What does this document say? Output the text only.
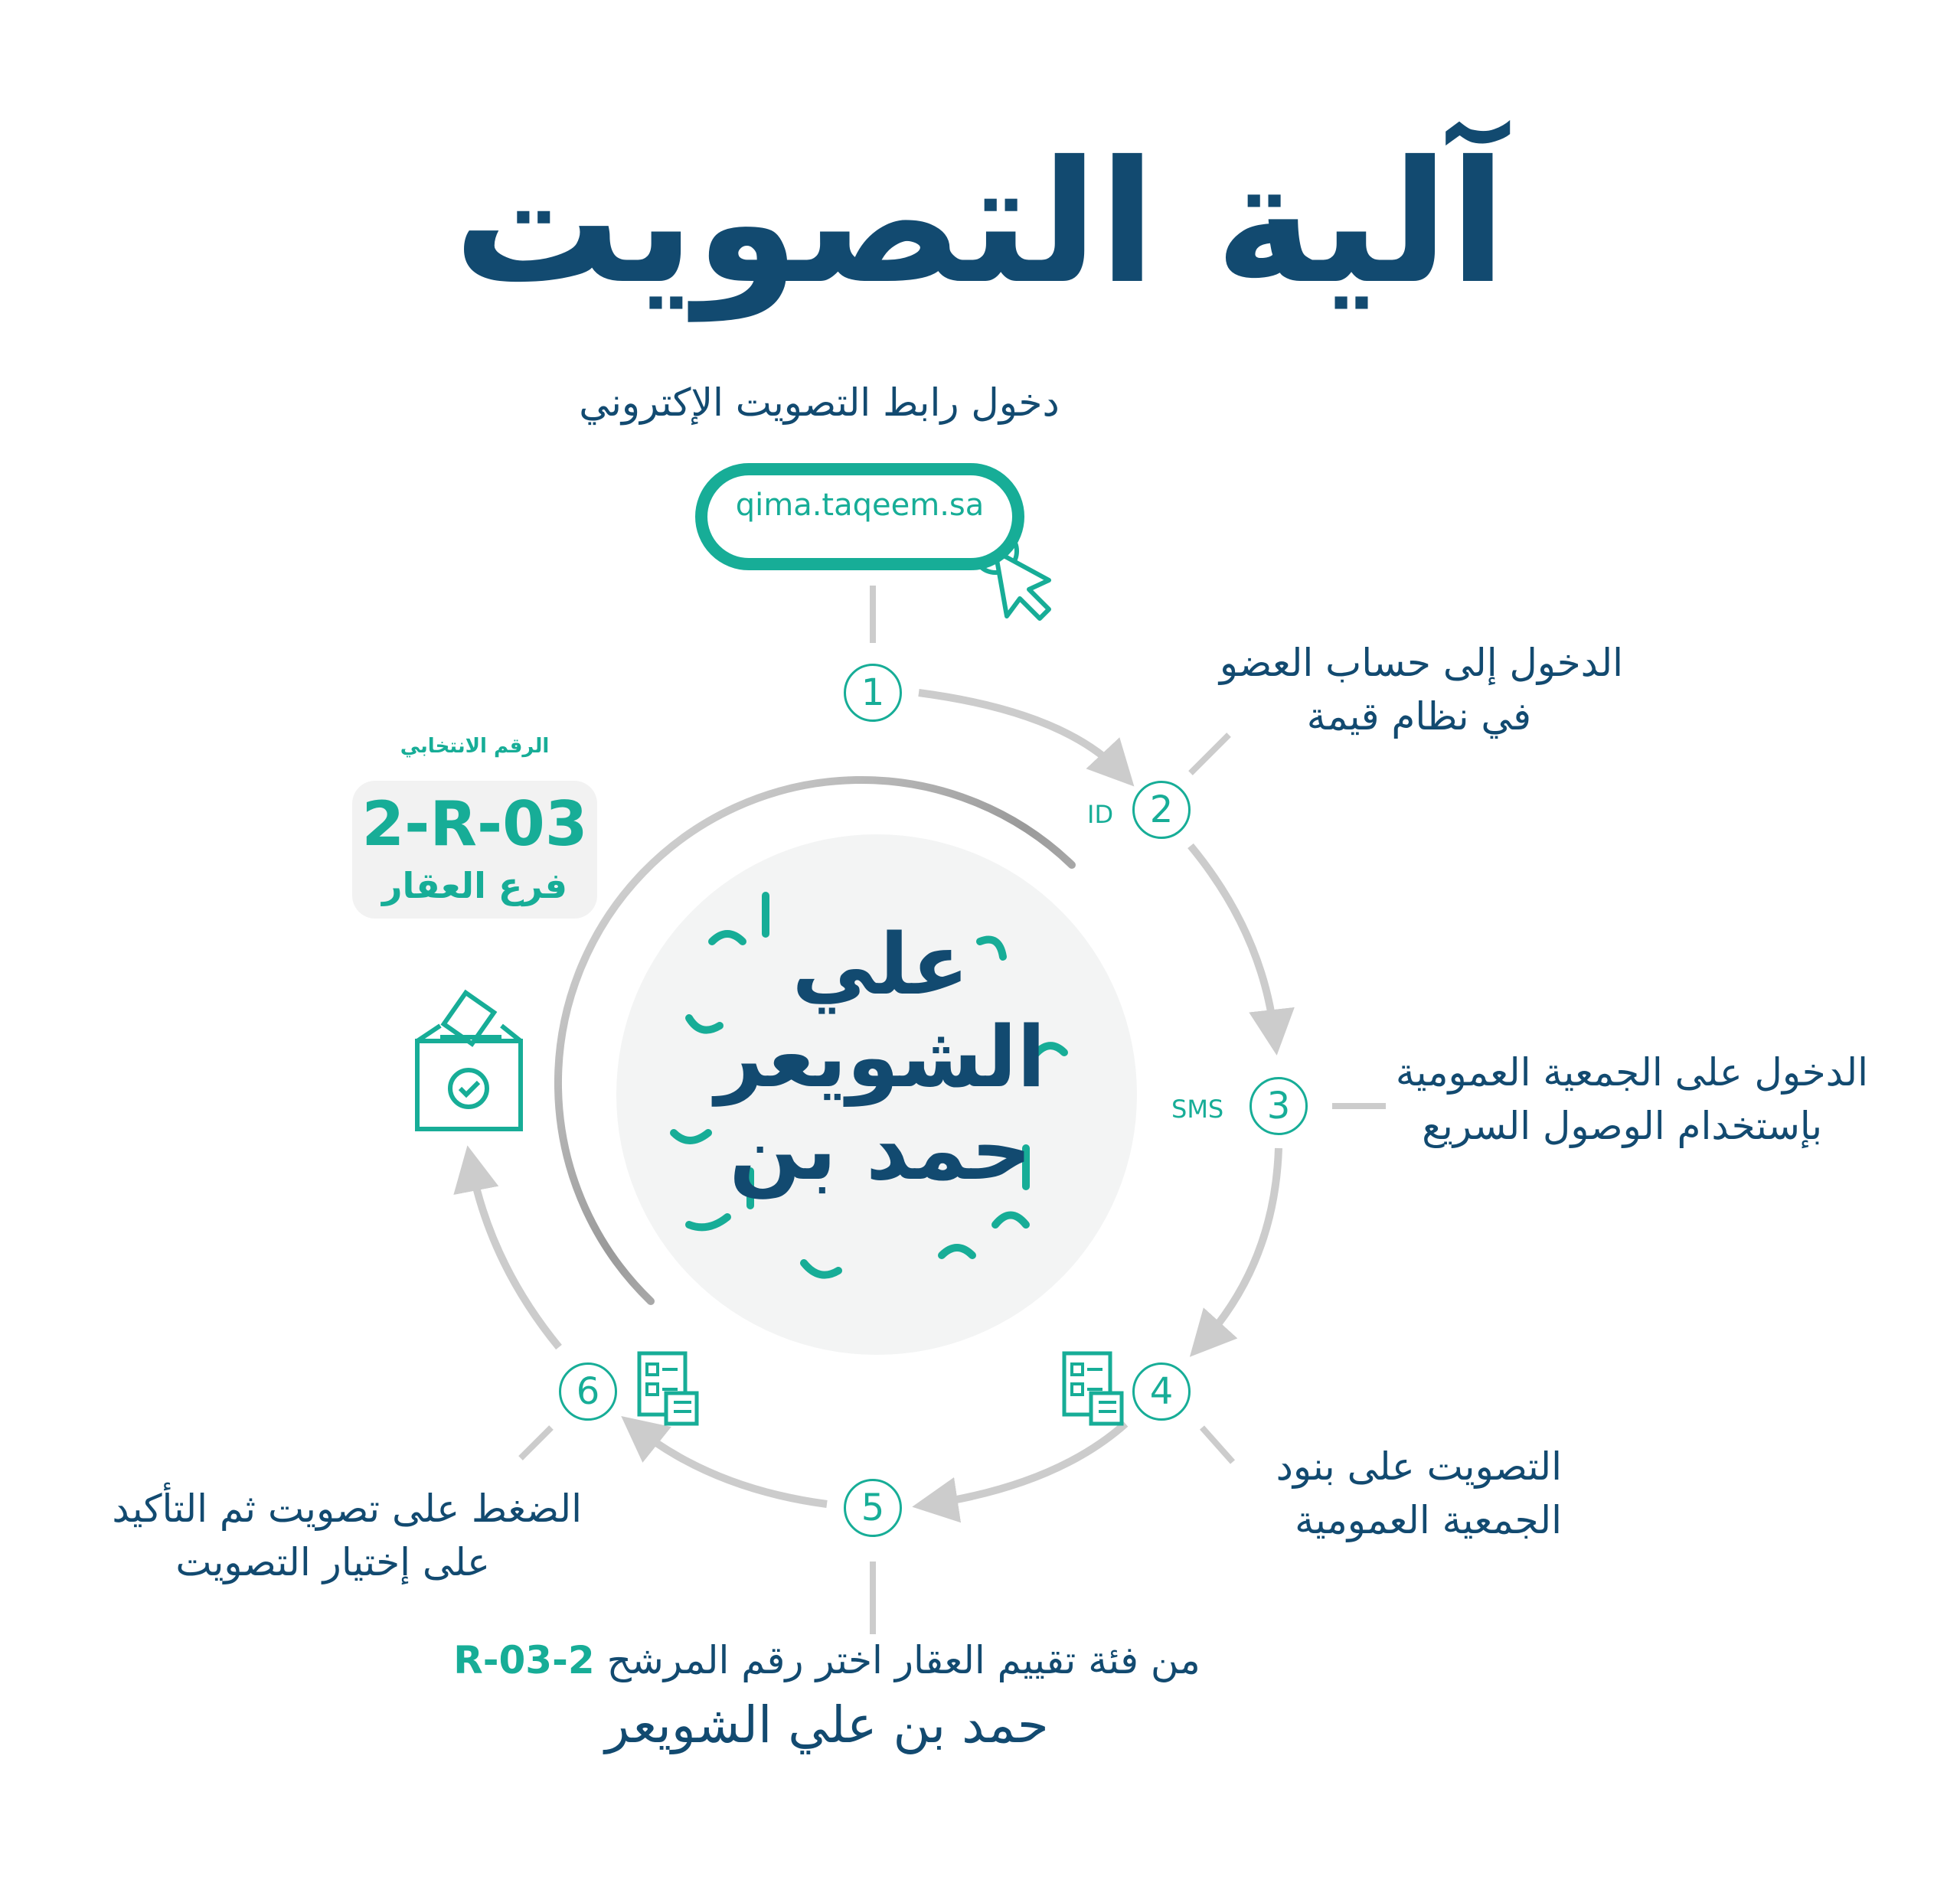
آلية التصويت
دخول رابط التصويت الإكتروني
qima.taqeem.sa
1
2
3
4
5
6
ID
SMS
الدخول إلى حساب العضو
في نظام قيمة
الدخول على الجمعية العمومية
بإستخدام الوصول السريع
التصويت على بنود
الجمعية العمومية
من فئة تقييم العقار اختر رقم المرشح 2-R-03
حمد بن علي الشويعر
الضغط على تصويت ثم التأكيد
على إختيار التصويت
الرقم الانتخابي
2-R-03
فرع العقار
علي الشويعر
حمد بن
